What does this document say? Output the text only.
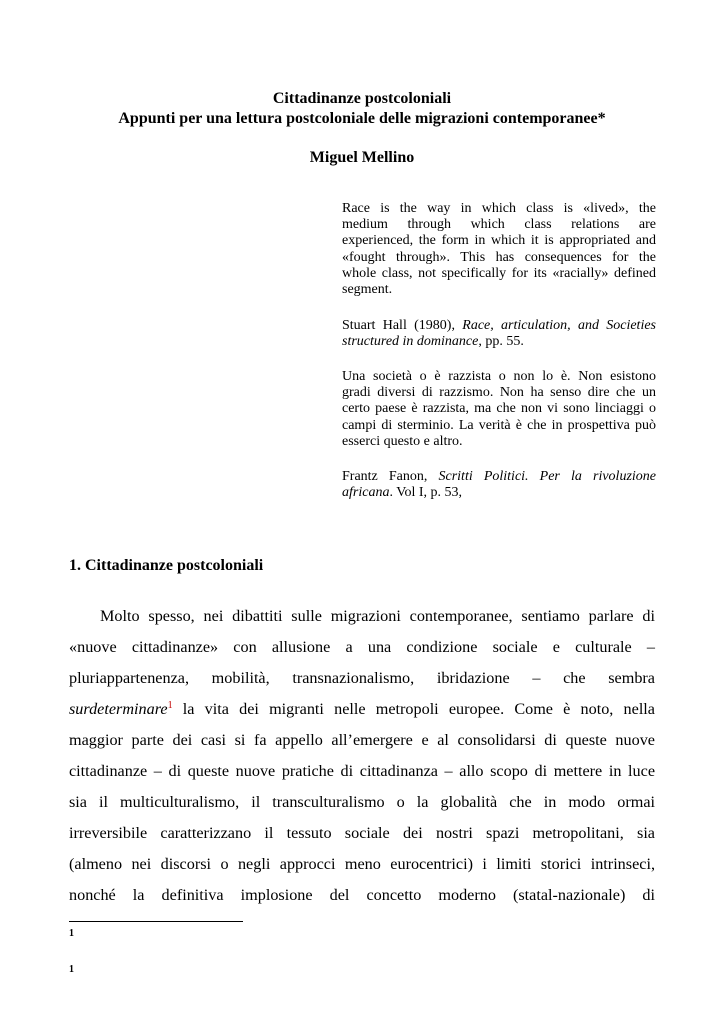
Cittadinanze postcoloniali
Appunti per una lettura postcoloniale delle migrazioni contemporanee*
Miguel Mellino
Race is the way in which class is «lived», the
medium through which class relations are
experienced, the form in which it is appropriated and
«fought through». This has consequences for the
whole class, not specifically for its «racially» defined
segment.
Stuart Hall (1980), Race, articulation, and Societies
structured in dominance, pp. 55.
Una società o è razzista o non lo è. Non esistono
gradi diversi di razzismo. Non ha senso dire che un
certo paese è razzista, ma che non vi sono linciaggi o
campi di sterminio. La verità è che in prospettiva può
esserci questo e altro.
Frantz Fanon, Scritti Politici. Per la rivoluzione
africana. Vol I, p. 53,
1. Cittadinanze postcoloniali
Molto spesso, nei dibattiti sulle migrazioni contemporanee, sentiamo parlare di
«nuove cittadinanze» con allusione a una condizione sociale e culturale –
pluriappartenenza, mobilità, transnazionalismo, ibridazione – che sembra
surdeterminare$^1$ la vita dei migranti nelle metropoli europee. Come è noto, nella
maggior parte dei casi si fa appello all’emergere e al consolidarsi di queste nuove
cittadinanze – di queste nuove pratiche di cittadinanza – allo scopo di mettere in luce
sia il multiculturalismo, il transculturalismo o la globalità che in modo ormai
irreversibile caratterizzano il tessuto sociale dei nostri spazi metropolitani, sia
(almeno nei discorsi o negli approcci meno eurocentrici) i limiti storici intrinseci,
nonché la definitiva implosione del concetto moderno (statal-nazionale) di
1
1
